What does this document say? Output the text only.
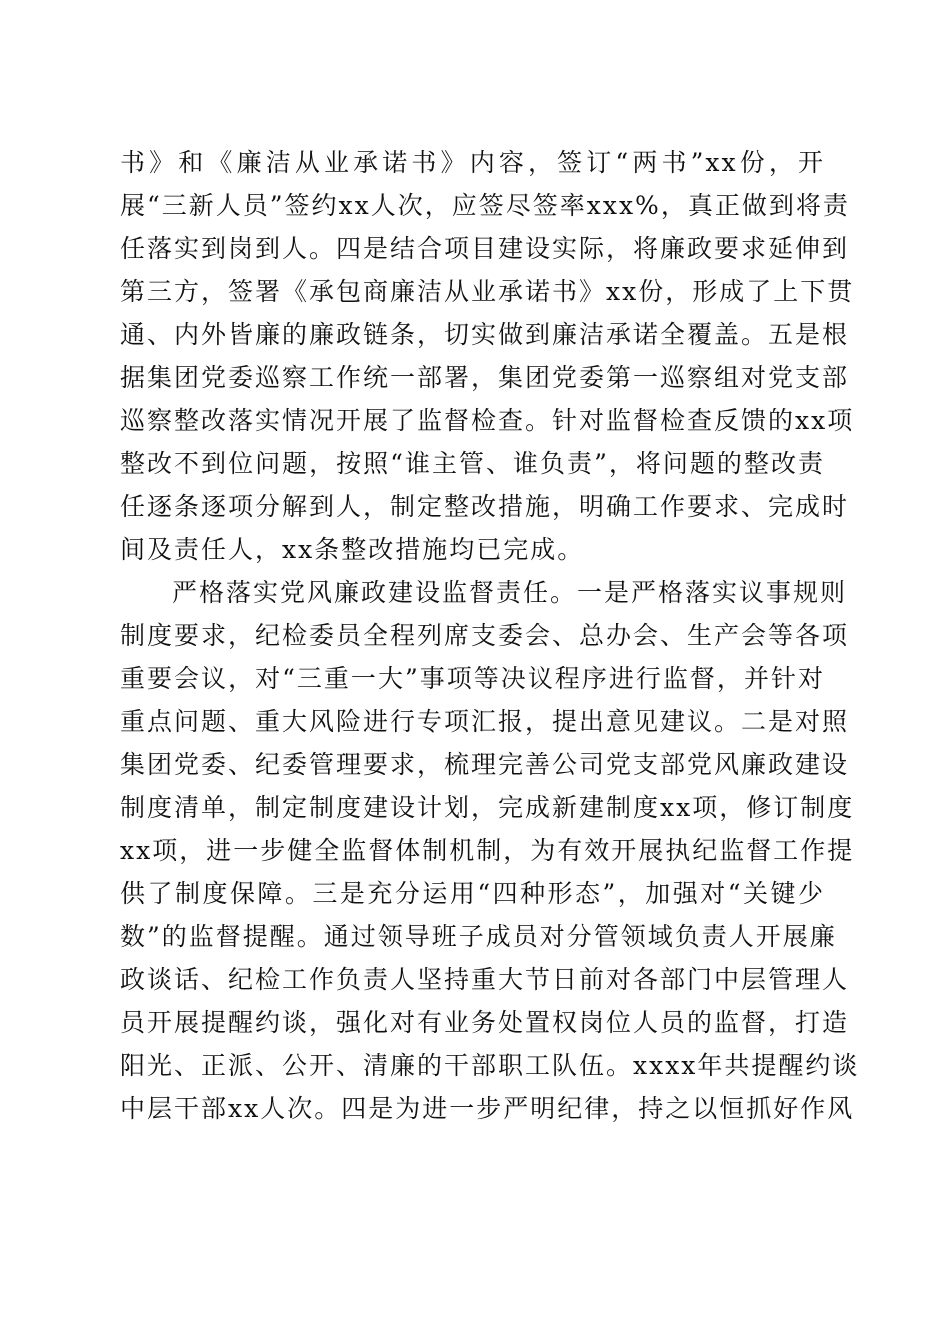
书》和《廉洁从业承诺书》内容，签订“两书”xx份，开
展“三新人员”签约xx人次，应签尽签率xxx%，真正做到将责
任落实到岗到人。四是结合项目建设实际，将廉政要求延伸到
第三方，签署《承包商廉洁从业承诺书》xx份，形成了上下贯
通、内外皆廉的廉政链条，切实做到廉洁承诺全覆盖。五是根
据集团党委巡察工作统一部署，集团党委第一巡察组对党支部
巡察整改落实情况开展了监督检查。针对监督检查反馈的xx项
整改不到位问题，按照“谁主管、谁负责”，将问题的整改责
任逐条逐项分解到人，制定整改措施，明确工作要求、完成时
间及责任人，xx条整改措施均已完成。
严格落实党风廉政建设监督责任。一是严格落实议事规则
制度要求，纪检委员全程列席支委会、总办会、生产会等各项
重要会议，对“三重一大”事项等决议程序进行监督，并针对
重点问题、重大风险进行专项汇报，提出意见建议。二是对照
集团党委、纪委管理要求，梳理完善公司党支部党风廉政建设
制度清单，制定制度建设计划，完成新建制度xx项，修订制度
xx项，进一步健全监督体制机制，为有效开展执纪监督工作提
供了制度保障。三是充分运用“四种形态”，加强对“关键少
数”的监督提醒。通过领导班子成员对分管领域负责人开展廉
政谈话、纪检工作负责人坚持重大节日前对各部门中层管理人
员开展提醒约谈，强化对有业务处置权岗位人员的监督，打造
阳光、正派、公开、清廉的干部职工队伍。xxxx年共提醒约谈
中层干部xx人次。四是为进一步严明纪律，持之以恒抓好作风
